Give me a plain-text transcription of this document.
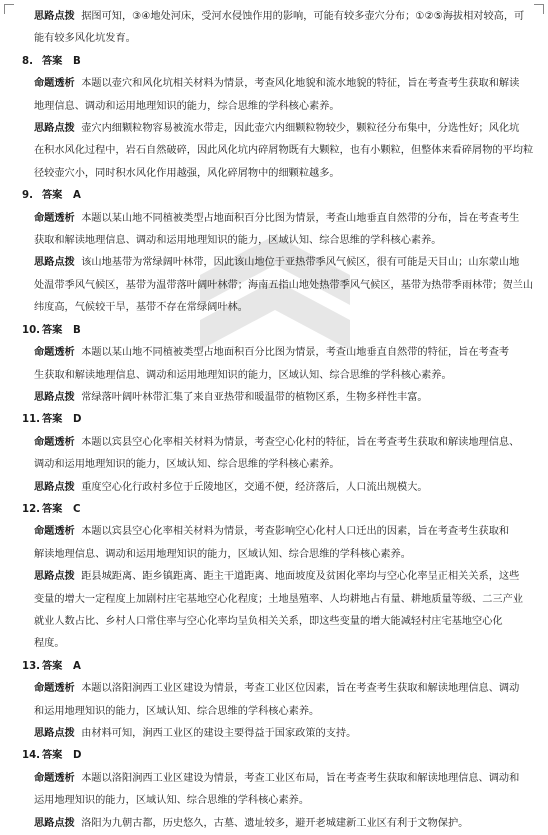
思路点拨 据图可知，③④地处河床，受河水侵蚀作用的影响，可能有较多壶穴分布；①②⑤海拔相对较高，可
能有较多风化坑发育。
8. 答案 B
命题透析 本题以壶穴和风化坑相关材料为情景，考查风化地貌和流水地貌的特征，旨在考查考生获取和解读
地理信息、调动和运用地理知识的能力，综合思维的学科核心素养。
思路点拨 壶穴内细颗粒物容易被流水带走，因此壶穴内细颗粒物较少，颗粒径分布集中，分选性好；风化坑
在积水风化过程中，岩石自然破碎，因此风化坑内碎屑物既有大颗粒，也有小颗粒，但整体来看碎屑物的平均粒
径较壶穴小，同时积水风化作用越强，风化碎屑物中的细颗粒越多。
9. 答案 A
命题透析 本题以某山地不同植被类型占地面积百分比图为情景，考查山地垂直自然带的分布，旨在考查考生
获取和解读地理信息、调动和运用地理知识的能力，区域认知、综合思维的学科核心素养。
思路点拨 该山地基带为常绿阔叶林带，因此该山地位于亚热带季风气候区，很有可能是天目山；山东蒙山地
处温带季风气候区，基带为温带落叶阔叶林带；海南五指山地处热带季风气候区，基带为热带季雨林带；贺兰山
纬度高，气候较干旱，基带不存在常绿阔叶林。
10. 答案 B
命题透析 本题以某山地不同植被类型占地面积百分比图为情景，考查山地垂直自然带的特征，旨在考查考
生获取和解读地理信息、调动和运用地理知识的能力，区域认知、综合思维的学科核心素养。
思路点拨 常绿落叶阔叶林带汇集了来自亚热带和暖温带的植物区系，生物多样性丰富。
11. 答案 D
命题透析 本题以宾县空心化率相关材料为情景，考查空心化村的特征，旨在考查考生获取和解读地理信息、
调动和运用地理知识的能力，区域认知、综合思维的学科核心素养。
思路点拨 重度空心化行政村多位于丘陵地区，交通不便，经济落后，人口流出规模大。
12. 答案 C
命题透析 本题以宾县空心化率相关材料为情景，考查影响空心化村人口迁出的因素，旨在考查考生获取和
解读地理信息、调动和运用地理知识的能力，区域认知、综合思维的学科核心素养。
思路点拨 距县城距离、距乡镇距离、距主干道距离、地面坡度及贫困化率均与空心化率呈正相关关系，这些
变量的增大一定程度上加剧村庄宅基地空心化程度；土地垦殖率、人均耕地占有量、耕地质量等级、二三产业
就业人数占比、乡村人口常住率与空心化率均呈负相关关系，即这些变量的增大能减轻村庄宅基地空心化
程度。
13. 答案 A
命题透析 本题以洛阳涧西工业区建设为情景，考查工业区位因素，旨在考查考生获取和解读地理信息、调动
和运用地理知识的能力，区域认知、综合思维的学科核心素养。
思路点拨 由材料可知，涧西工业区的建设主要得益于国家政策的支持。
14. 答案 D
命题透析 本题以洛阳涧西工业区建设为情景，考查工业区布局，旨在考查考生获取和解读地理信息、调动和
运用地理知识的能力，区域认知、综合思维的学科核心素养。
思路点拨 洛阳为九朝古都，历史悠久，古墓、遗址较多，避开老城建新工业区有利于文物保护。
